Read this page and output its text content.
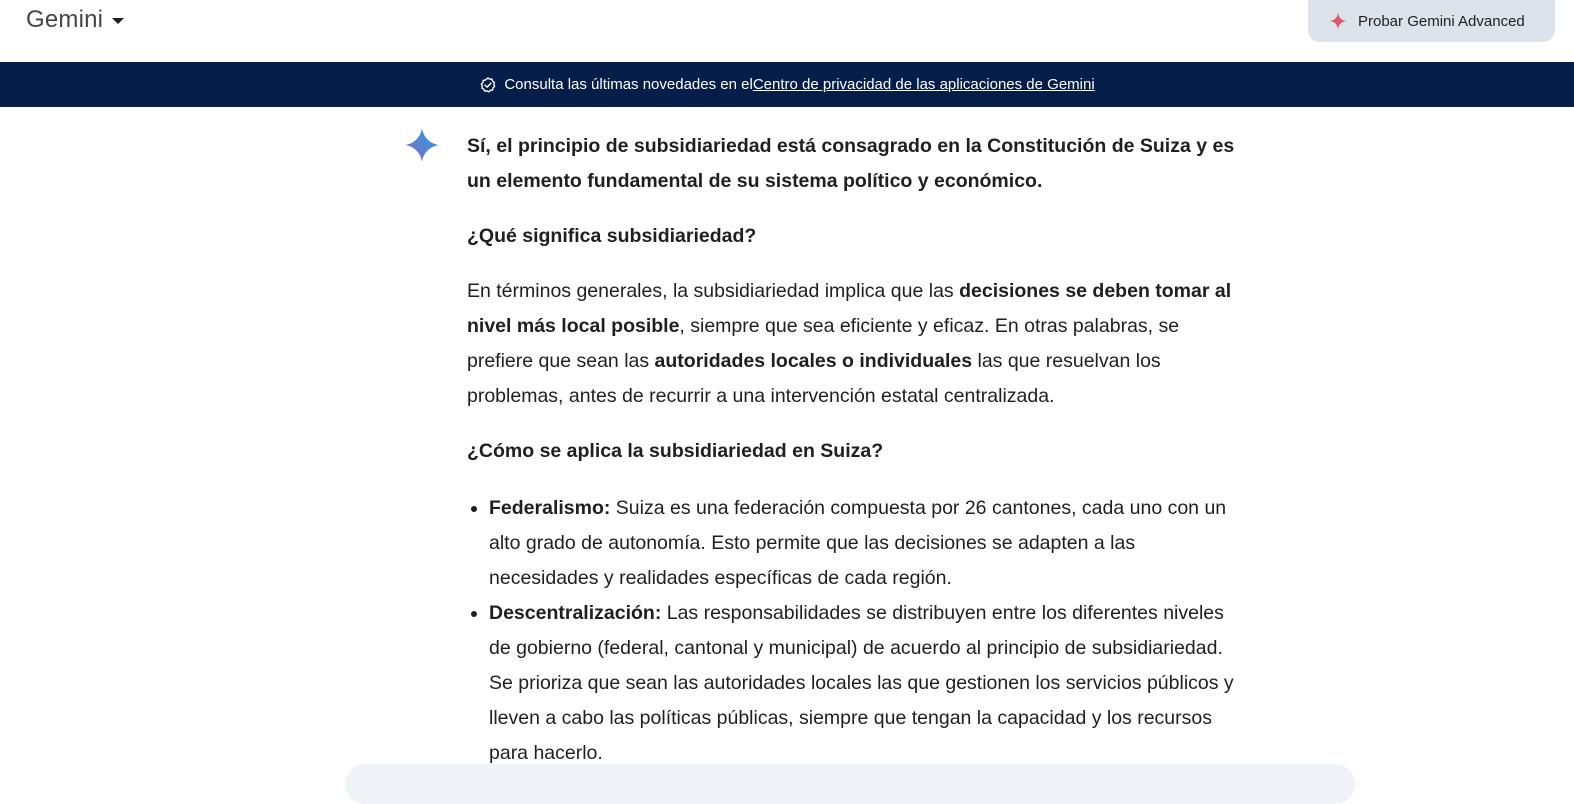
Gemini	Probar Gemini Advanced
Consulta las últimas novedades en el Centro de privacidad de las aplicaciones de Gemini

Sí, el principio de subsidiariedad está consagrado en la Constitución de Suiza y es un elemento fundamental de su sistema político y económico.

¿Qué significa subsidiariedad?

En términos generales, la subsidiariedad implica que las decisiones se deben tomar al nivel más local posible, siempre que sea eficiente y eficaz. En otras palabras, se prefiere que sean las autoridades locales o individuales las que resuelvan los problemas, antes de recurrir a una intervención estatal centralizada.

¿Cómo se aplica la subsidiariedad en Suiza?

• Federalismo: Suiza es una federación compuesta por 26 cantones, cada uno con un alto grado de autonomía. Esto permite que las decisiones se adapten a las necesidades y realidades específicas de cada región.
• Descentralización: Las responsabilidades se distribuyen entre los diferentes niveles de gobierno (federal, cantonal y municipal) de acuerdo al principio de subsidiariedad. Se prioriza que sean las autoridades locales las que gestionen los servicios públicos y lleven a cabo las políticas públicas, siempre que tengan la capacidad y los recursos para hacerlo.
